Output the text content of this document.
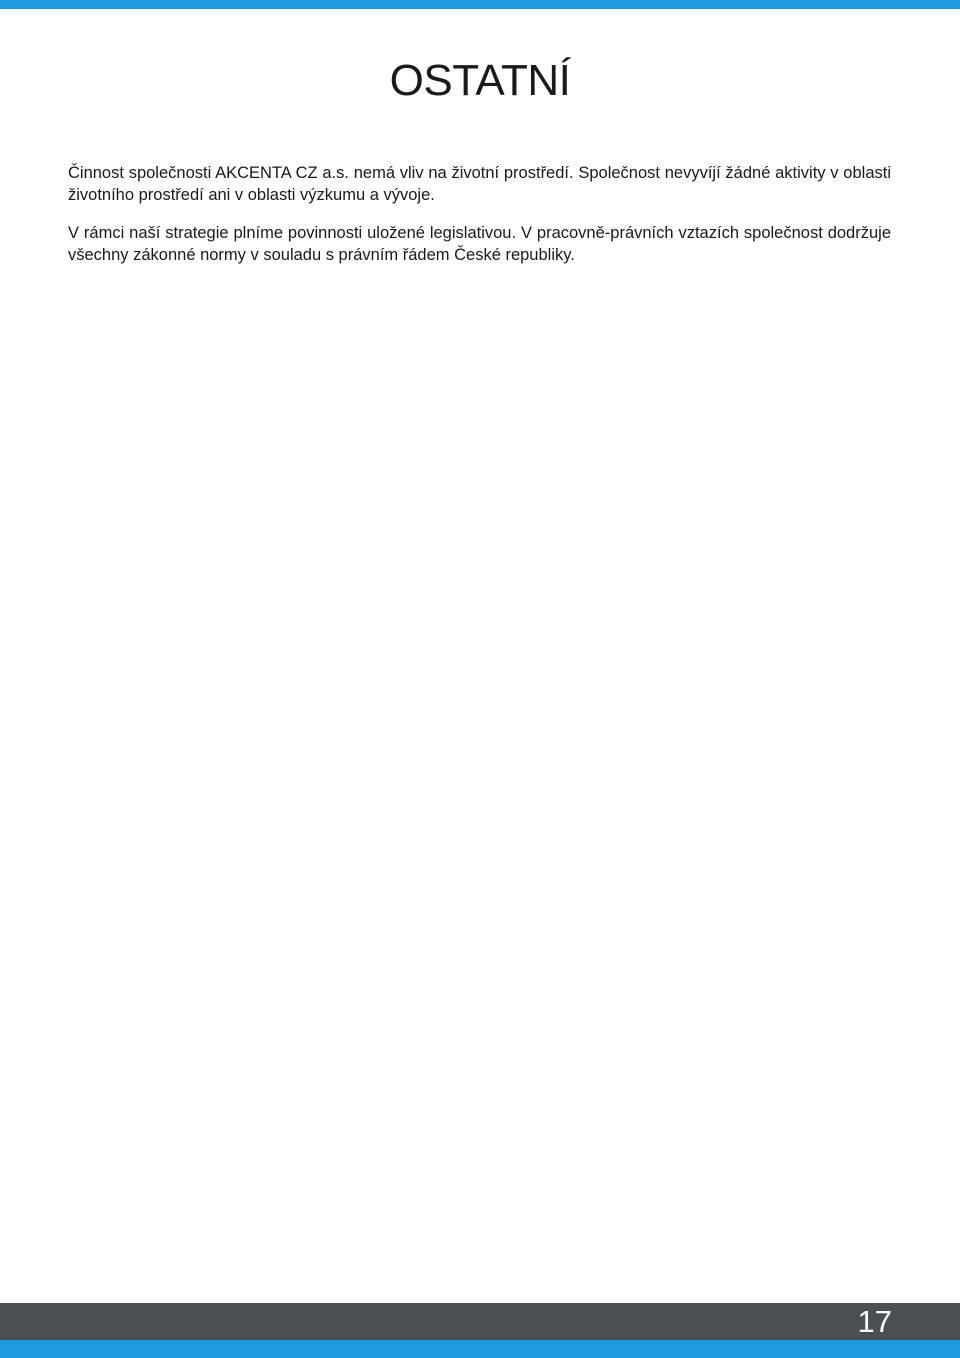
OSTATNÍ

Činnost společnosti AKCENTA CZ a.s. nemá vliv na životní prostředí. Společnost nevyvíjí žádné aktivity v oblasti životního prostředí ani v oblasti výzkumu a vývoje.

V rámci naší strategie plníme povinnosti uložené legislativou. V pracovně-právních vztazích společnost dodržuje všechny zákonné normy v souladu s právním řádem České republiky.

17
